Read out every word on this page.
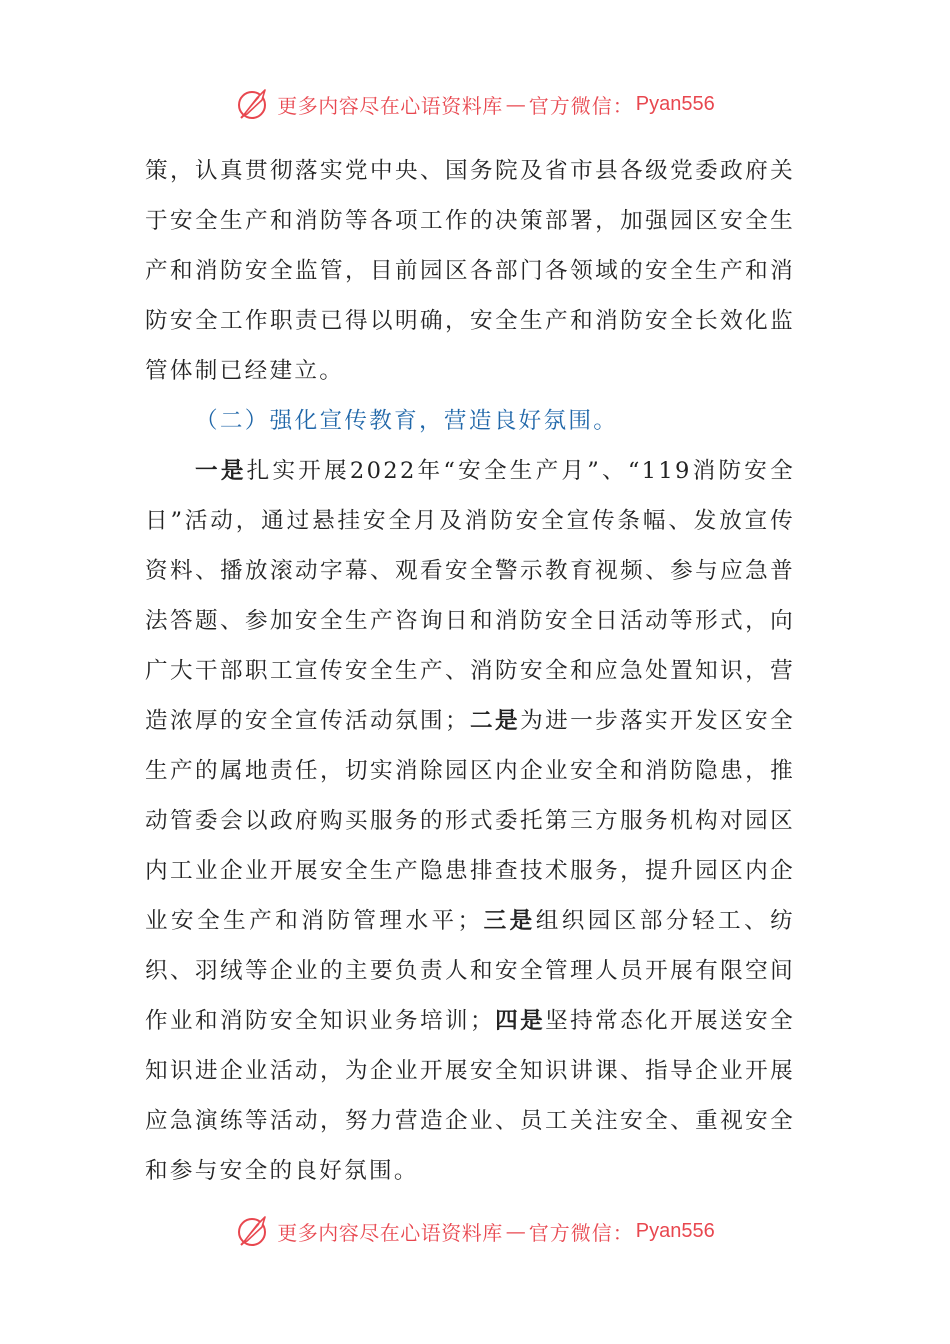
更多内容尽在心语资料库 — 官方微信： Pyan556

策，认真贯彻落实党中央、国务院及省市县各级党委政府关于安全生产和消防等各项工作的决策部署，加强园区安全生产和消防安全监管，目前园区各部门各领域的安全生产和消防安全工作职责已得以明确，安全生产和消防安全长效化监管体制已经建立。

（二）强化宣传教育，营造良好氛围。

一是扎实开展2022年“安全生产月”、“119消防安全日”活动，通过悬挂安全月及消防安全宣传条幅、发放宣传资料、播放滚动字幕、观看安全警示教育视频、参与应急普法答题、参加安全生产咨询日和消防安全日活动等形式，向广大干部职工宣传安全生产、消防安全和应急处置知识，营造浓厚的安全宣传活动氛围；二是为进一步落实开发区安全生产的属地责任，切实消除园区内企业安全和消防隐患，推动管委会以政府购买服务的形式委托第三方服务机构对园区内工业企业开展安全生产隐患排查技术服务，提升园区内企业安全生产和消防管理水平；三是组织园区部分轻工、纺织、羽绒等企业的主要负责人和安全管理人员开展有限空间作业和消防安全知识业务培训；四是坚持常态化开展送安全知识进企业活动，为企业开展安全知识讲课、指导企业开展应急演练等活动，努力营造企业、员工关注安全、重视安全和参与安全的良好氛围。

更多内容尽在心语资料库 — 官方微信： Pyan556
